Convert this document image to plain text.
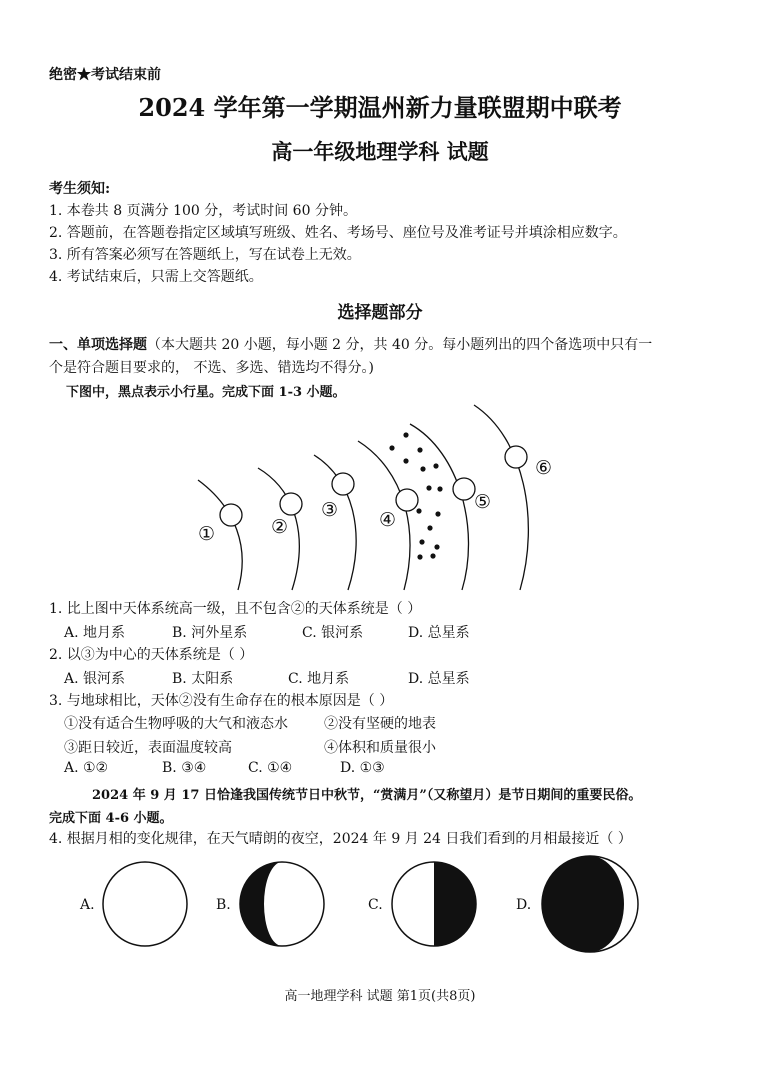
绝密★考试结束前
2024 学年第一学期温州新力量联盟期中联考
高一年级地理学科 试题
考生须知:
1. 本卷共 8 页满分 100 分，考试时间 60 分钟。
2. 答题前，在答题卷指定区域填写班级、姓名、考场号、座位号及准考证号并填涂相应数字。
3. 所有答案必须写在答题纸上，写在试卷上无效。
4. 考试结束后，只需上交答题纸。
选择题部分
一、单项选择题（本大题共 20 小题，每小题 2 分，共 40 分。每小题列出的四个备选项中只有一
个是符合题目要求的， 不选、多选、错选均不得分。)
下图中，黑点表示小行星。完成下面 1-3 小题。
①	②
③ ④
⑤
⑥
1. 比上图中天体系统高一级，且不包含②的天体系统是（ ）
A. 地月系	B. 河外星系	C. 银河系	D. 总星系
2. 以③为中心的天体系统是（ ）
A. 银河系	B. 太阳系	C. 地月系	D. 总星系
3. 与地球相比，天体②没有生命存在的根本原因是（ ）
①没有适合生物呼吸的大气和液态水	②没有坚硬的地表
③距日较近，表面温度较高	④体积和质量很小
A. ①②	B. ③④	C. ①④	D. ①③
2024 年 9 月 17 日恰逢我国传统节日中秋节，“赏满月”（又称望月）是节日期间的重要民俗。
完成下面 4-6 小题。
4. 根据月相的变化规律，在天气晴朗的夜空，2024 年 9 月 24 日我们看到的月相最接近（ ）
A.	B.	C.	D.
高一地理学科 试题 第1页(共8页)
